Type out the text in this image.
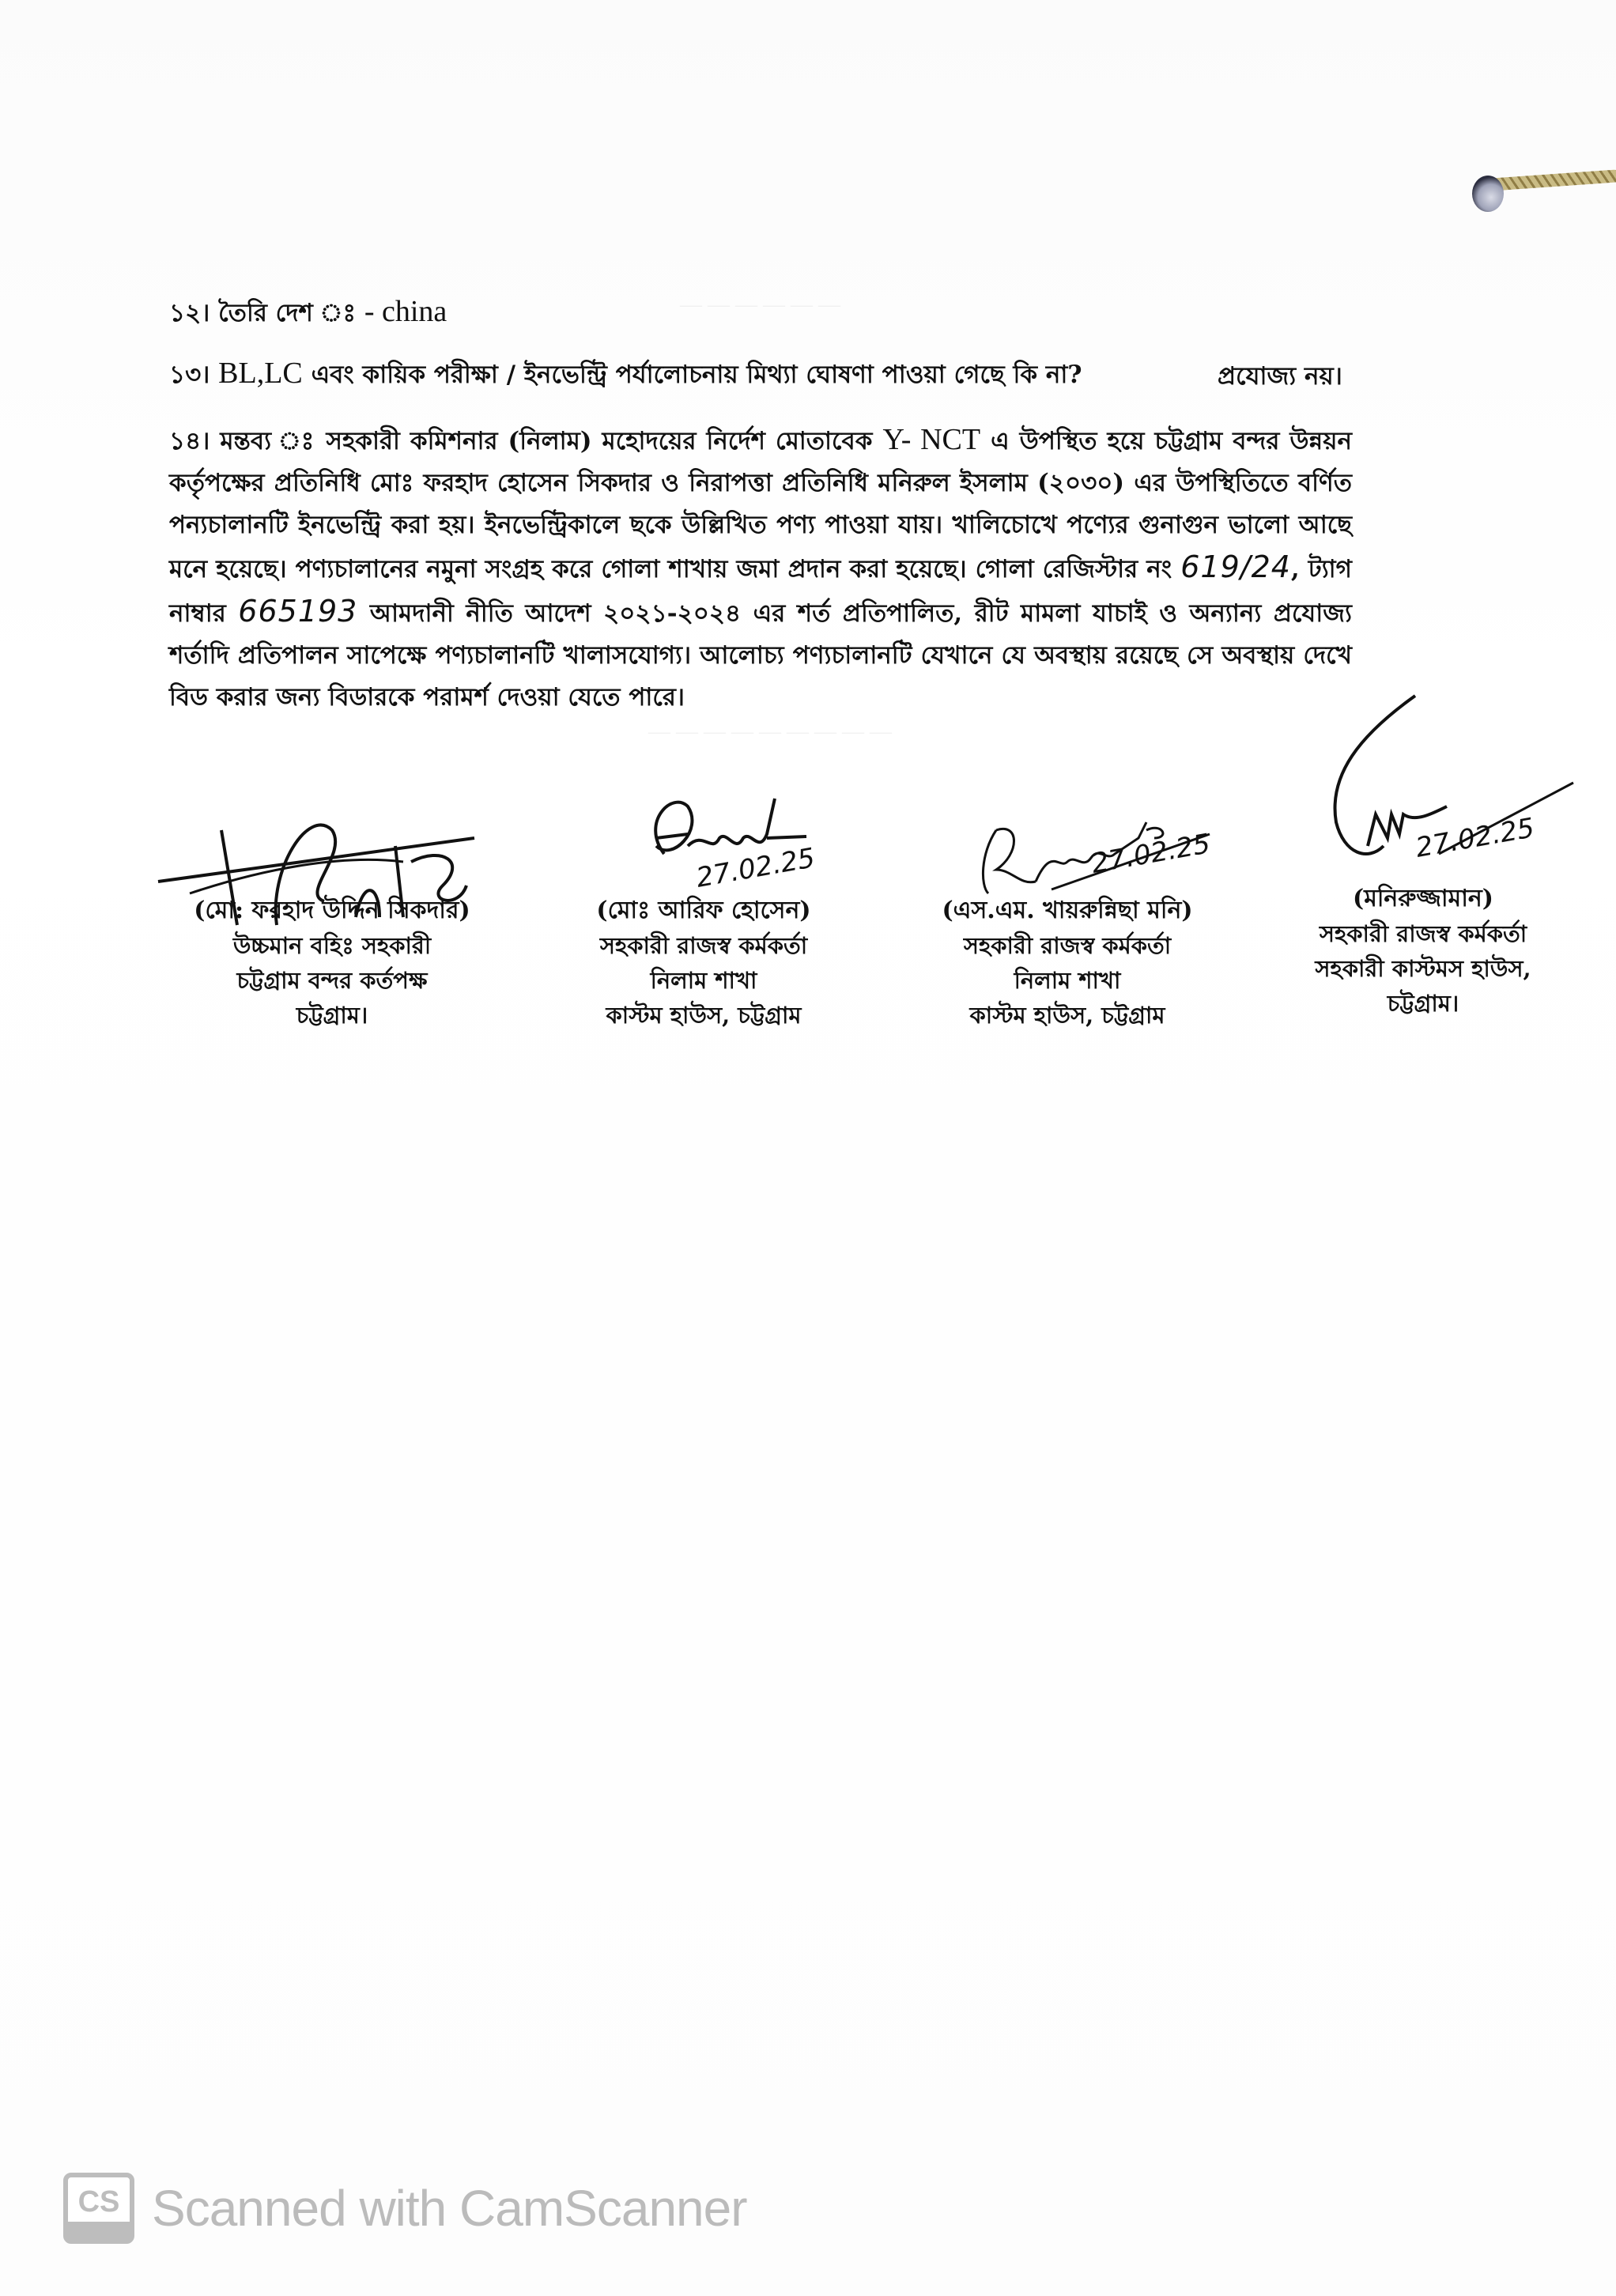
১২। তৈরি দেশ ঃ - china
১৩। BL,LC এবং কায়িক পরীক্ষা / ইনভেন্ট্রি পর্যালোচনায় মিথ্যা ঘোষণা পাওয়া গেছে কি না?	প্রযোজ্য নয়।
১৪। মন্তব্য ঃ সহকারী কমিশনার (নিলাম) মহোদয়ের নির্দেশ মোতাবেক Y- NCT এ উপস্থিত হয়ে চট্টগ্রাম বন্দর উন্নয়ন কর্তৃপক্ষের প্রতিনিধি মোঃ ফরহাদ হোসেন সিকদার ও নিরাপত্তা প্রতিনিধি মনিরুল ইসলাম (২০৩০) এর উপস্থিতিতে বর্ণিত পন্যচালানটি ইনভেন্ট্রি করা হয়। ইনভেন্ট্রিকালে ছকে উল্লিখিত পণ্য পাওয়া যায়। খালিচোখে পণ্যের গুনাগুন ভালো আছে মনে হয়েছে। পণ্যচালানের নমুনা সংগ্রহ করে গোলা শাখায় জমা প্রদান করা হয়েছে। গোলা রেজিস্টার নং 619/24, ট্যাগ নাম্বার 665193 আমদানী নীতি আদেশ ২০২১-২০২৪ এর শর্ত প্রতিপালিত, রীট মামলা যাচাই ও অন্যান্য প্রযোজ্য শর্তাদি প্রতিপালন সাপেক্ষে পণ্যচালানটি খালাসযোগ্য। আলোচ্য পণ্যচালানটি যেখানে যে অবস্থায় রয়েছে সে অবস্থায় দেখে বিড করার জন্য বিডারকে পরামর্শ দেওয়া যেতে পারে।
— — — — — —
— — — — — — — — —
(মো: ফরহাদ উদ্দিন সিকদার)
উচ্চমান বহিঃ সহকারী
চট্টগ্রাম বন্দর কর্তপক্ষ
চট্টগ্রাম।
27.02.25
(মোঃ আরিফ হোসেন)
সহকারী রাজস্ব কর্মকর্তা
নিলাম শাখা
কাস্টম হাউস, চট্টগ্রাম
27.02.25
(এস.এম. খায়রুন্নিছা মনি)
সহকারী রাজস্ব কর্মকর্তা
নিলাম শাখা
কাস্টম হাউস, চট্টগ্রাম
27.02.25
(মনিরুজ্জামান)
সহকারী রাজস্ব কর্মকর্তা
সহকারী কাস্টমস হাউস,
চট্টগ্রাম।
CS Scanned with CamScanner
